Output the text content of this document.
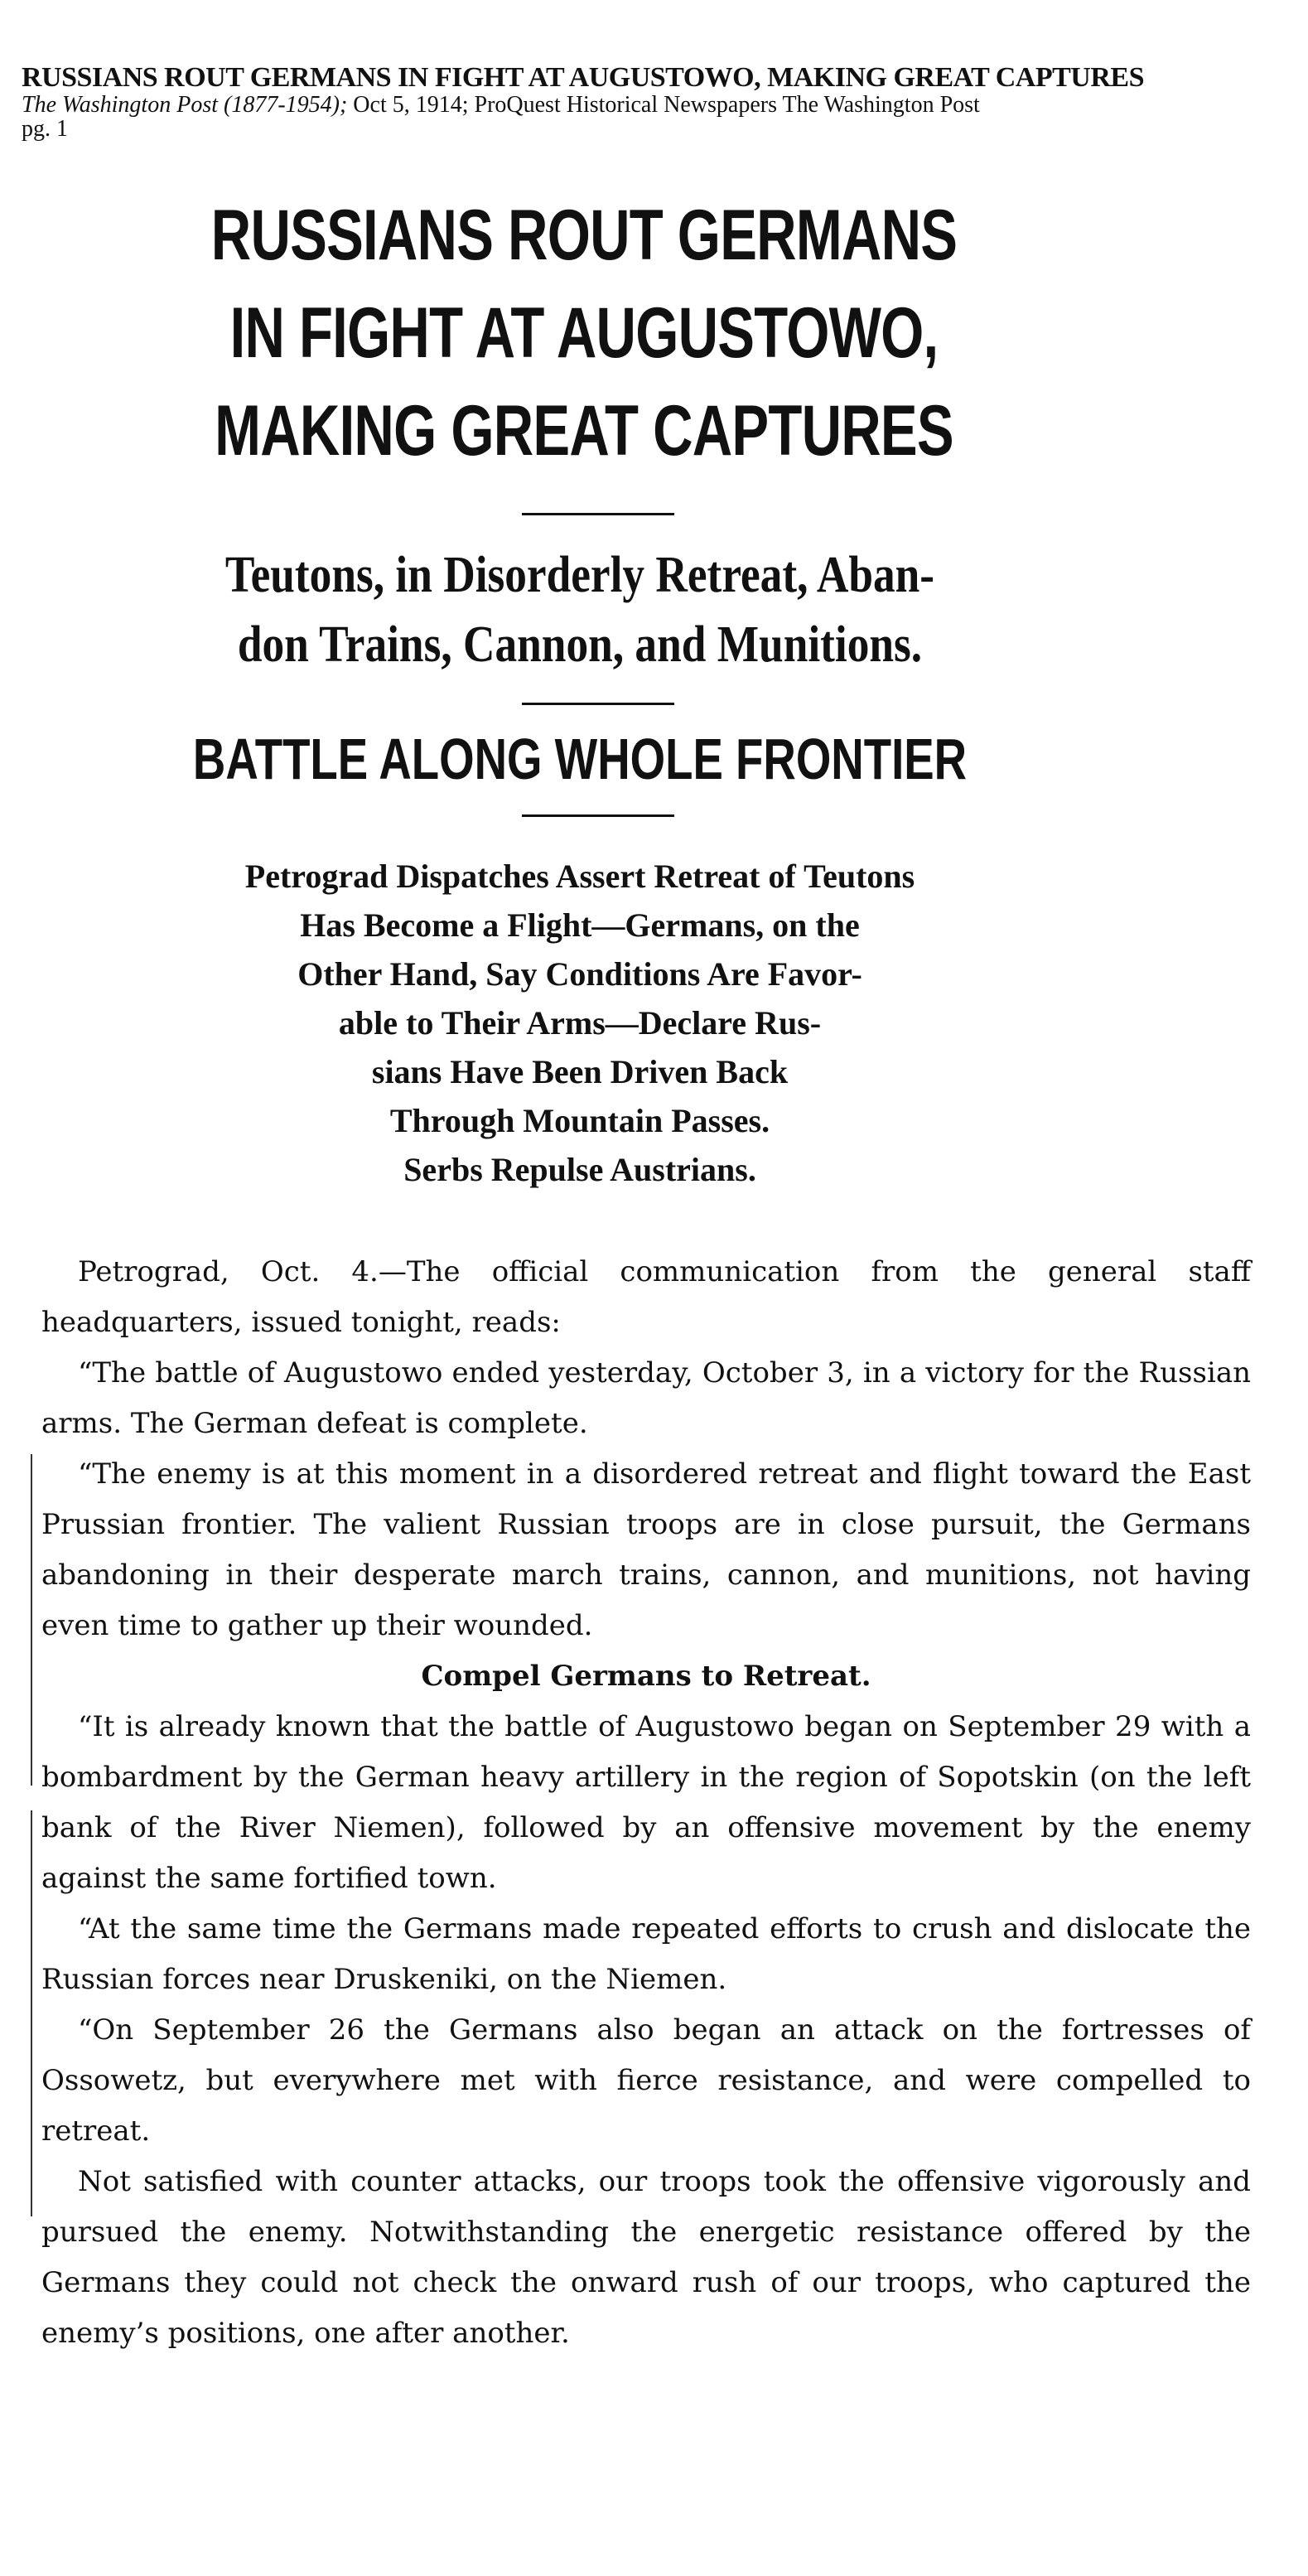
RUSSIANS ROUT GERMANS IN FIGHT AT AUGUSTOWO, MAKING GREAT CAPTURES
The Washington Post (1877-1954); Oct 5, 1914; ProQuest Historical Newspapers The Washington Post
pg. 1
RUSSIANS ROUT GERMANS
IN FIGHT AT AUGUSTOWO,
MAKING GREAT CAPTURES
Teutons, in Disorderly Retreat, Aban-
don Trains, Cannon, and Munitions.
BATTLE ALONG WHOLE FRONTIER
Petrograd Dispatches Assert Retreat of Teutons
Has Become a Flight—Germans, on the
Other Hand, Say Conditions Are Favor-
able to Their Arms—Declare Rus-
sians Have Been Driven Back
Through Mountain Passes.
Serbs Repulse Austrians.

Petrograd, Oct. 4.—The official communication from the general staff headquarters, issued tonight, reads:

“The battle of Augustowo ended yesterday, October 3, in a victory for the Russian arms. The German defeat is complete.

“The enemy is at this moment in a disordered retreat and flight toward the East Prussian frontier. The valient Russian troops are in close pursuit, the Germans abandoning in their desperate march trains, cannon, and munitions, not having even time to gather up their wounded.

Compel Germans to Retreat.

“It is already known that the battle of Augustowo began on September 29 with a bombardment by the German heavy artillery in the region of Sopotskin (on the left bank of the River Niemen), followed by an offensive movement by the enemy against the same fortified town.

“At the same time the Germans made repeated efforts to crush and dislocate the Russian forces near Druskeniki, on the Niemen.

“On September 26 the Germans also began an attack on the fortresses of Ossowetz, but everywhere met with fierce resistance, and were compelled to retreat.

Not satisfied with counter attacks, our troops took the offensive vigorously and pursued the enemy. Notwithstanding the energetic resistance offered by the Germans they could not check the onward rush of our troops, who captured the enemy’s positions, one after another.
